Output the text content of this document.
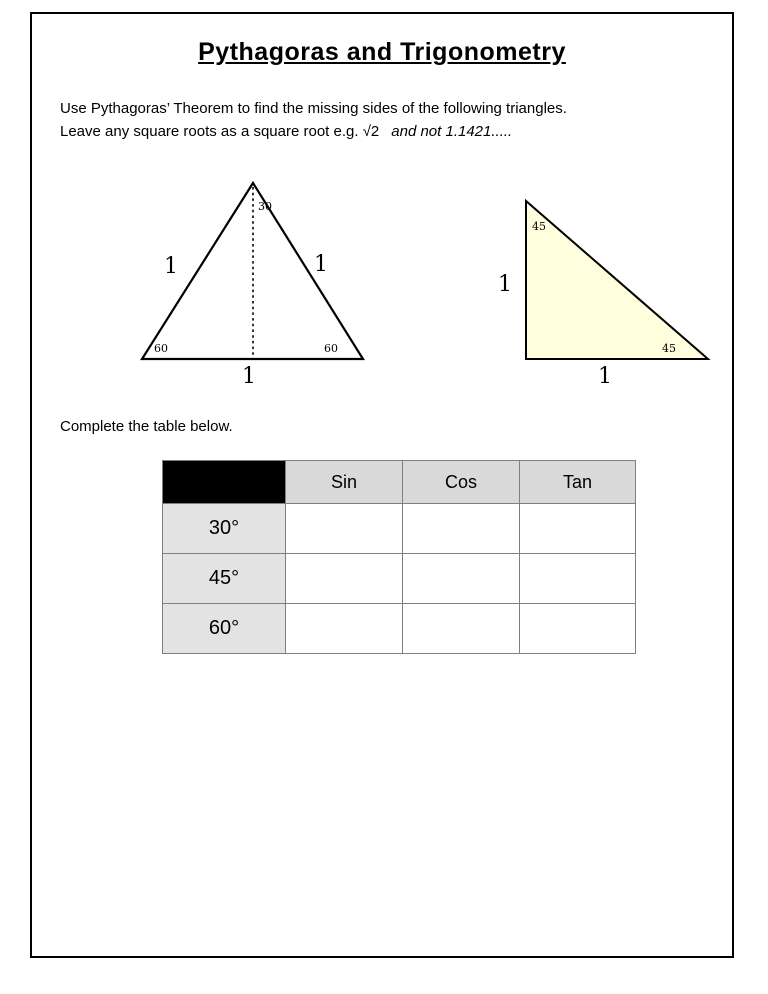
Pythagoras and Trigonometry

Use Pythagoras’ Theorem to find the missing sides of the following triangles.
Leave any square roots as a square root e.g. √2 and not 1.1421.....

30
1	1
60	60
1
45
45
1
1

Complete the table below.

	Sin	Cos	Tan
30°			
45°			
60°			
